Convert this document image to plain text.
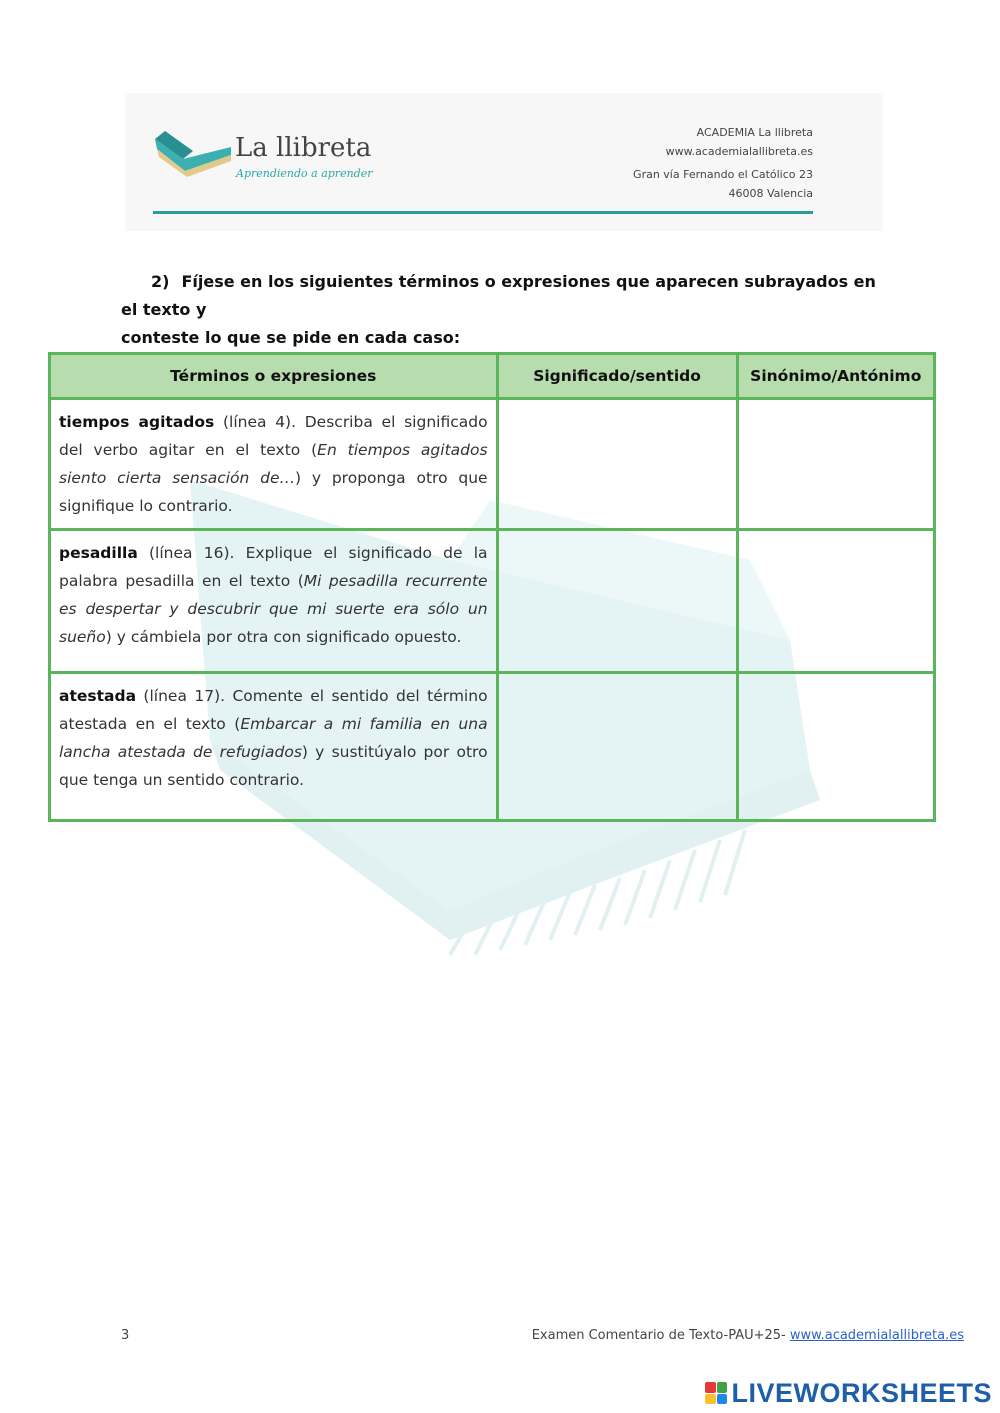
La llibreta
Aprendiendo a aprender
ACADEMIA La llibreta
www.academialallibreta.es
Gran vía Fernando el Católico 23
46008 Valencia
2) Fíjese en los siguientes términos o expresiones que aparecen subrayados en el texto y
conteste lo que se pide en cada caso:
Términos o expresiones	Significado/sentido	Sinónimo/Antónimo
tiempos agitados (línea 4). Describa el significado del verbo agitar en el texto (En tiempos agitados siento cierta sensación de…) y proponga otro que signifique lo contrario.		
pesadilla (línea 16). Explique el significado de la palabra pesadilla en el texto (Mi pesadilla recurrente es despertar y descubrir que mi suerte era sólo un sueño) y cámbiela por otra con significado opuesto.		
atestada (línea 17). Comente el sentido del término atestada en el texto (Embarcar a mi familia en una lancha atestada de refugiados) y sustitúyalo por otro que tenga un sentido contrario.		
3	Examen Comentario de Texto-PAU+25- www.academialallibreta.es
LIVEWORKSHEETS
